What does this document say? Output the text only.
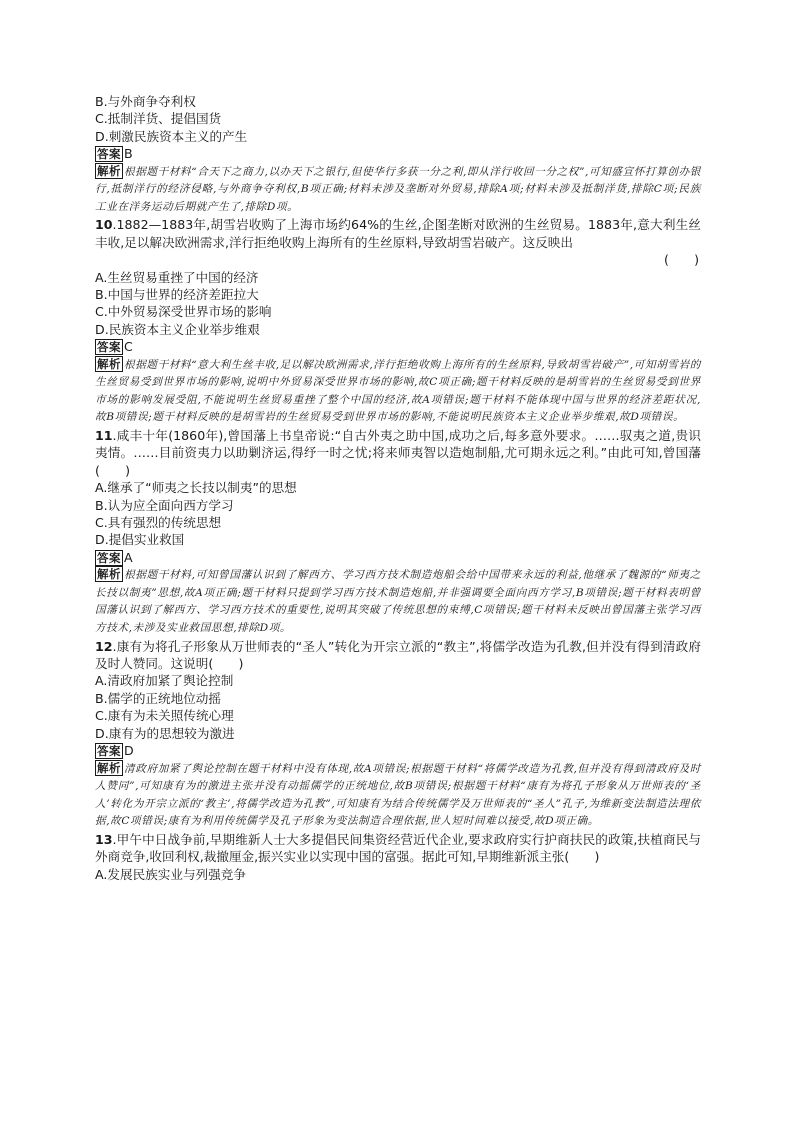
B.与外商争夺利权
C.抵制洋货、提倡国货
D.刺激民族资本主义的产生
答案 B
解析 根据题干材料“合天下之商力,以办天下之银行,但使华行多获一分之利,即从洋行收回一分之权”,可知盛宣怀打算创办银行,抵制洋行的经济侵略,与外商争夺利权,B项正确;材料未涉及垄断对外贸易,排除A项;材料未涉及抵制洋货,排除C项;民族工业在洋务运动后期就产生了,排除D项。
10.1882—1883年,胡雪岩收购了上海市场约64%的生丝,企图垄断对欧洲的生丝贸易。1883年,意大利生丝丰收,足以解决欧洲需求,洋行拒绝收购上海所有的生丝原料,导致胡雪岩破产。这反映出
(　　)
A.生丝贸易重挫了中国的经济
B.中国与世界的经济差距拉大
C.中外贸易深受世界市场的影响
D.民族资本主义企业举步维艰
答案 C
解析 根据题干材料“意大利生丝丰收,足以解决欧洲需求,洋行拒绝收购上海所有的生丝原料,导致胡雪岩破产”,可知胡雪岩的生丝贸易受到世界市场的影响,说明中外贸易深受世界市场的影响,故C项正确;题干材料反映的是胡雪岩的生丝贸易受到世界市场的影响发展受阻,不能说明生丝贸易重挫了整个中国的经济,故A项错误;题干材料不能体现中国与世界的经济差距状况,故B项错误;题干材料反映的是胡雪岩的生丝贸易受到世界市场的影响,不能说明民族资本主义企业举步维艰,故D项错误。
11.咸丰十年(1860年),曾国藩上书皇帝说:“自古外夷之助中国,成功之后,每多意外要求。……驭夷之道,贵识夷情。……目前资夷力以助剿济运,得纾一时之忧;将来师夷智以造炮制船,尤可期永远之利。”由此可知,曾国藩(　　)
A.继承了“师夷之长技以制夷”的思想
B.认为应全面向西方学习
C.具有强烈的传统思想
D.提倡实业救国
答案 A
解析 根据题干材料,可知曾国藩认识到了解西方、学习西方技术制造炮船会给中国带来永远的利益,他继承了魏源的“师夷之长技以制夷”思想,故A项正确;题干材料只提到学习西方技术制造炮船,并非强调要全面向西方学习,B项错误;题干材料表明曾国藩认识到了解西方、学习西方技术的重要性,说明其突破了传统思想的束缚,C项错误;题干材料未反映出曾国藩主张学习西方技术,未涉及实业救国思想,排除D项。
12.康有为将孔子形象从万世师表的“圣人”转化为开宗立派的“教主”,将儒学改造为孔教,但并没有得到清政府及时人赞同。这说明(　　)
A.清政府加紧了舆论控制
B.儒学的正统地位动摇
C.康有为未关照传统心理
D.康有为的思想较为激进
答案 D
解析 清政府加紧了舆论控制在题干材料中没有体现,故A项错误;根据题干材料“将儒学改造为孔教,但并没有得到清政府及时人赞同”,可知康有为的激进主张并没有动摇儒学的正统地位,故B项错误;根据题干材料“康有为将孔子形象从万世师表的‘圣人’转化为开宗立派的‘教主’,将儒学改造为孔教”,可知康有为结合传统儒学及万世师表的“圣人”孔子,为维新变法制造法理依据,故C项错误;康有为利用传统儒学及孔子形象为变法制造合理依据,世人短时间难以接受,故D项正确。
13.甲午中日战争前,早期维新人士大多提倡民间集资经营近代企业,要求政府实行护商扶民的政策,扶植商民与外商竞争,收回利权,裁撤厘金,振兴实业以实现中国的富强。据此可知,早期维新派主张(　　)
A.发展民族实业与列强竞争
